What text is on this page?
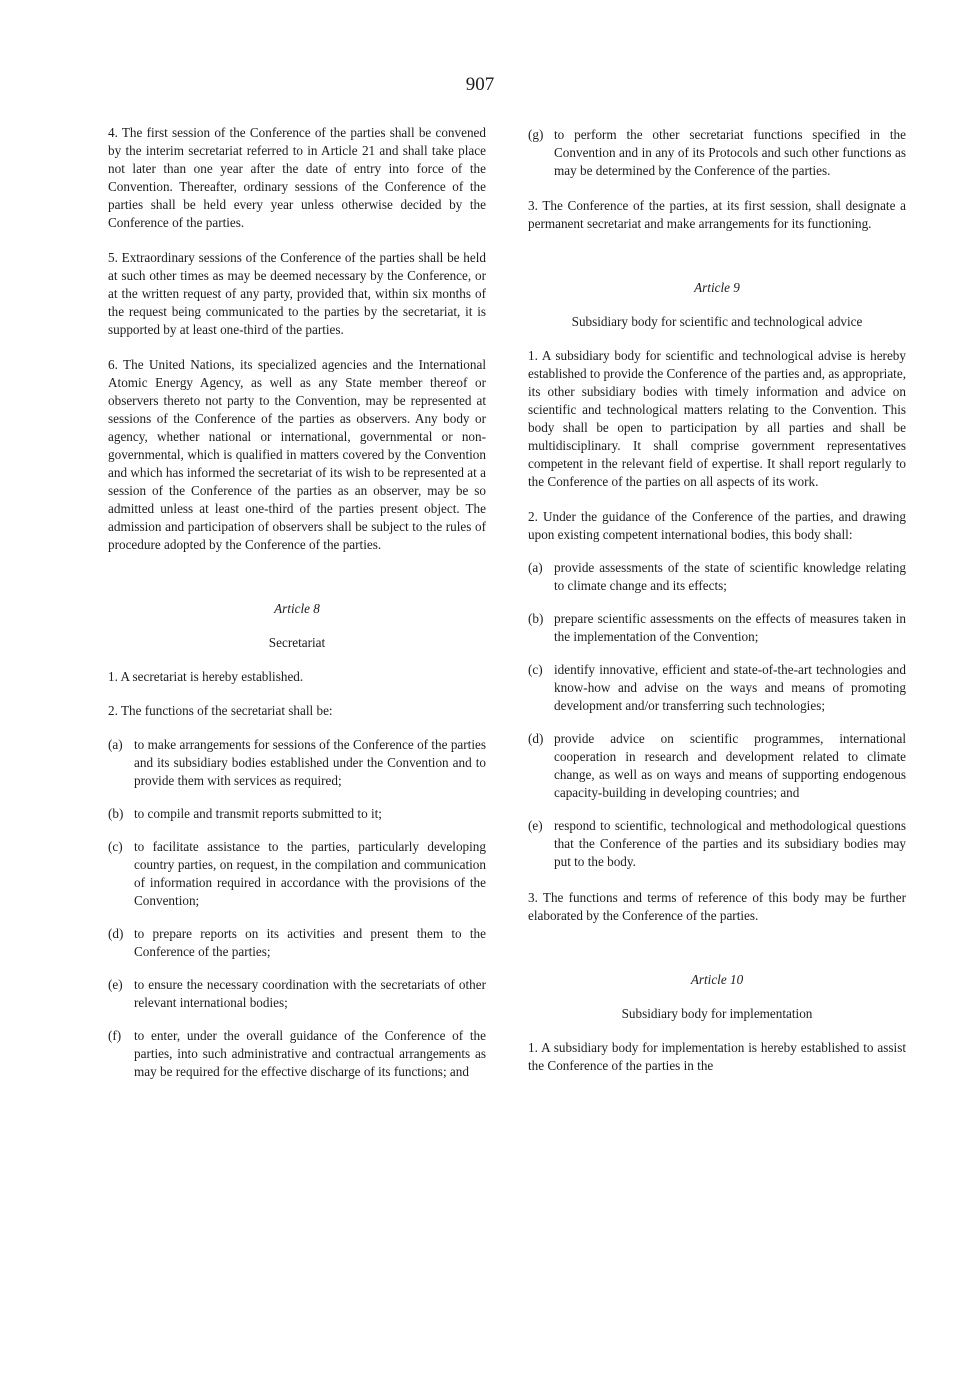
907

4. The first session of the Conference of the parties shall be convened by the interim secretariat referred to in Article 21 and shall take place not later than one year after the date of entry into force of the Convention. Thereafter, ordinary sessions of the Conference of the parties shall be held every year unless otherwise decided by the Conference of the parties.

5. Extraordinary sessions of the Conference of the parties shall be held at such other times as may be deemed necessary by the Conference, or at the written request of any party, provided that, within six months of the request being communicated to the parties by the secretariat, it is supported by at least one-third of the parties.

6. The United Nations, its specialized agencies and the International Atomic Energy Agency, as well as any State member thereof or observers thereto not party to the Convention, may be represented at sessions of the Conference of the parties as observers. Any body or agency, whether national or international, governmental or non-governmental, which is qualified in matters covered by the Convention and which has informed the secretariat of its wish to be represented at a session of the Conference of the parties as an observer, may be so admitted unless at least one-third of the parties present object. The admission and participation of observers shall be subject to the rules of procedure adopted by the Conference of the parties.

Article 8
Secretariat

1. A secretariat is hereby established.

2. The functions of the secretariat shall be:

(a) to make arrangements for sessions of the Conference of the parties and its subsidiary bodies established under the Convention and to provide them with services as required;
(b) to compile and transmit reports submitted to it;
(c) to facilitate assistance to the parties, particularly developing country parties, on request, in the compilation and communication of information required in accordance with the provisions of the Convention;
(d) to prepare reports on its activities and present them to the Conference of the parties;
(e) to ensure the necessary coordination with the secretariats of other relevant international bodies;
(f) to enter, under the overall guidance of the Conference of the parties, into such administrative and contractual arrangements as may be required for the effective discharge of its functions; and
(g) to perform the other secretariat functions specified in the Convention and in any of its Protocols and such other functions as may be determined by the Conference of the parties.

3. The Conference of the parties, at its first session, shall designate a permanent secretariat and make arrangements for its functioning.

Article 9
Subsidiary body for scientific and technological advice

1. A subsidiary body for scientific and technological advise is hereby established to provide the Conference of the parties and, as appropriate, its other subsidiary bodies with timely information and advice on scientific and technological matters relating to the Convention. This body shall be open to participation by all parties and shall be multidisciplinary. It shall comprise government representatives competent in the relevant field of expertise. It shall report regularly to the Conference of the parties on all aspects of its work.

2. Under the guidance of the Conference of the parties, and drawing upon existing competent international bodies, this body shall:

(a) provide assessments of the state of scientific knowledge relating to climate change and its effects;
(b) prepare scientific assessments on the effects of measures taken in the implementation of the Convention;
(c) identify innovative, efficient and state-of-the-art technologies and know-how and advise on the ways and means of promoting development and/or transferring such technologies;
(d) provide advice on scientific programmes, international cooperation in research and development related to climate change, as well as on ways and means of supporting endogenous capacity-building in developing countries; and
(e) respond to scientific, technological and methodological questions that the Conference of the parties and its subsidiary bodies may put to the body.

3. The functions and terms of reference of this body may be further elaborated by the Conference of the parties.

Article 10
Subsidiary body for implementation

1. A subsidiary body for implementation is hereby established to assist the Conference of the parties in the
